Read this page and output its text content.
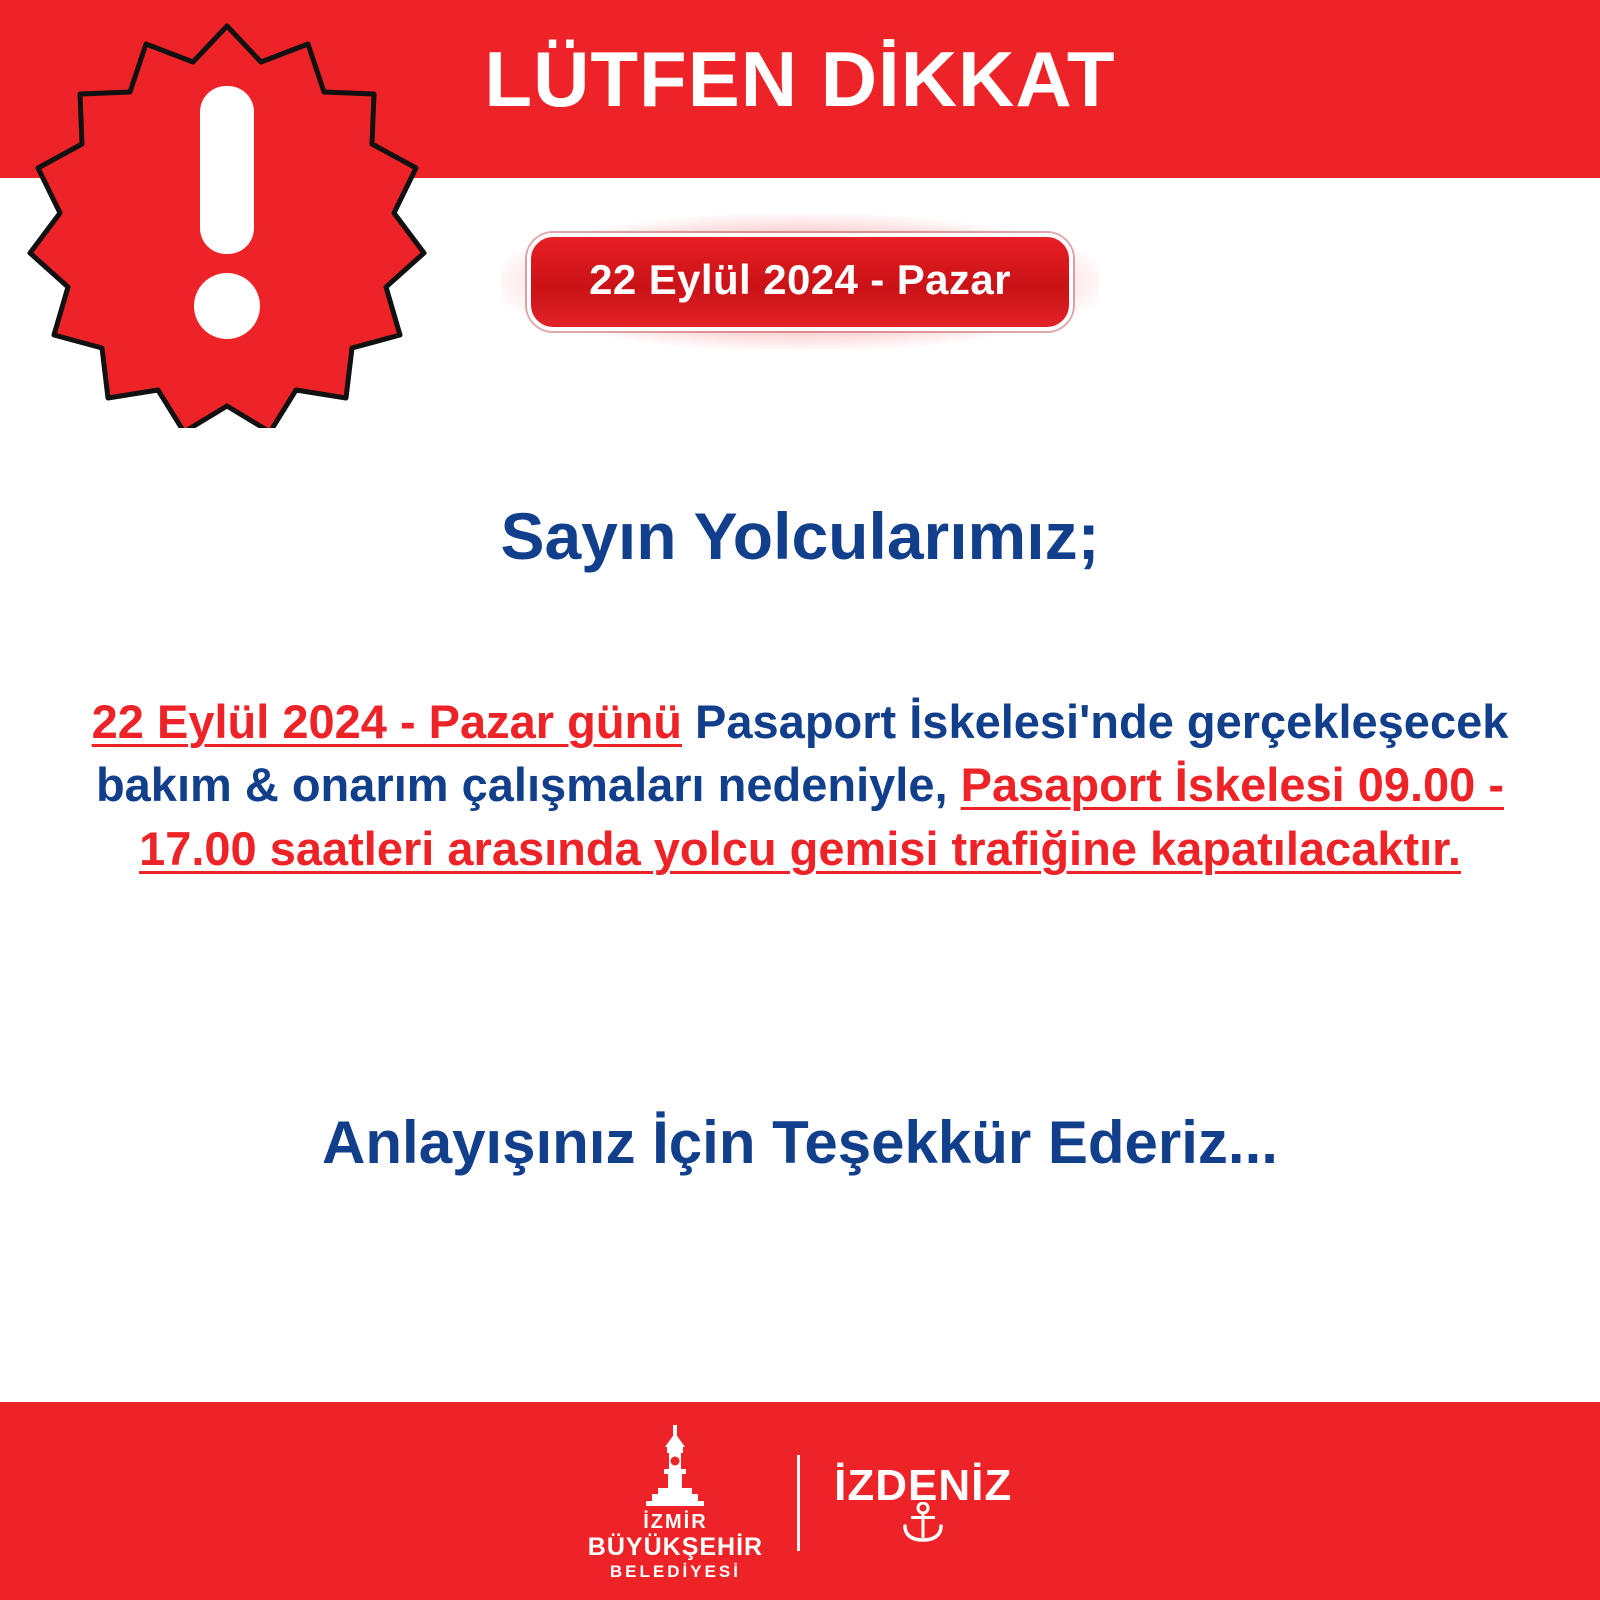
LÜTFEN DİKKAT
22 Eylül 2024 - Pazar
Sayın Yolcularımız;
22 Eylül 2024 - Pazar günü Pasaport İskelesi'nde gerçekleşecek bakım & onarım çalışmaları nedeniyle, Pasaport İskelesi 09.00 - 17.00 saatleri arasında yolcu gemisi trafiğine kapatılacaktır.
Anlayışınız İçin Teşekkür Ederiz...
İZMİR
BÜYÜKŞEHİR
BELEDİYESİ
İZDENİZ
